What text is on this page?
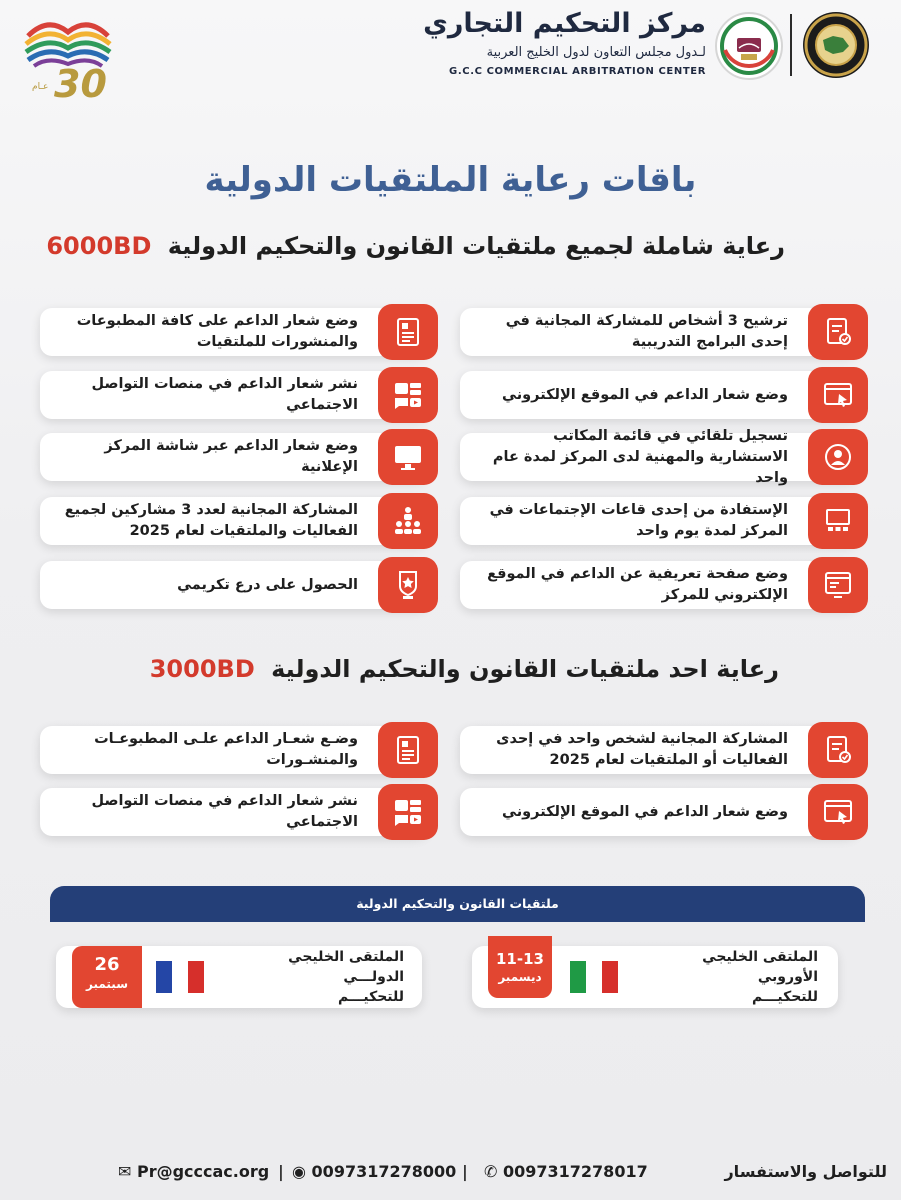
30
عـام
مركز التحكيم التجاري
لـدول مجلس التعاون لدول الخليج العربية
G.C.C COMMERCIAL ARBITRATION CENTER
باقات رعاية الملتقيات الدولية
رعاية شاملة لجميع ملتقيات القانون والتحكيم الدولية 6000BD
ترشيح 3 أشخاص للمشاركة المجانية في إحدى البرامج التدريبية
وضع شعار الداعم في الموقع الإلكتروني
تسجيل تلقائي في قائمة المكاتب الاستشارية والمهنية لدى المركز لمدة عام واحد
الإستفادة من إحدى قاعات الإجتماعات في المركز لمدة يوم واحد
وضع صفحة تعريفية عن الداعم في الموقع الإلكتروني للمركز
وضع شعار الداعم على كافة المطبوعات والمنشورات للملتقيات
نشر شعار الداعم في منصات التواصل الاجتماعي
وضع شعار الداعم عبر شاشة المركز الإعلانية
المشاركة المجانية لعدد 3 مشاركين لجميع الفعاليات والملتقيات لعام 2025
الحصول على درع تكريمي
رعاية احد ملتقيات القانون والتحكيم الدولية 3000BD
المشاركة المجانية لشخص واحد في إحدى الفعاليات أو الملتقيات لعام 2025
وضع شعار الداعم في الموقع الإلكتروني
وضـع شعـار الداعم علـى المطبوعـات والمنشـورات
نشر شعار الداعم في منصات التواصل الاجتماعي
ملتقيات القانون والتحكيم الدولية
الملتقى الخليجي الأوروبي
للتحكيـــم
11-13
ديسمبر
الملتقى الخليجي الدولـــي
للتحكيـــم
26
سبتمبر
للتواصل والاستفسار
✆ 0097317278017
|
◉ 0097317278000
|
✉ Pr@gcccac.org
